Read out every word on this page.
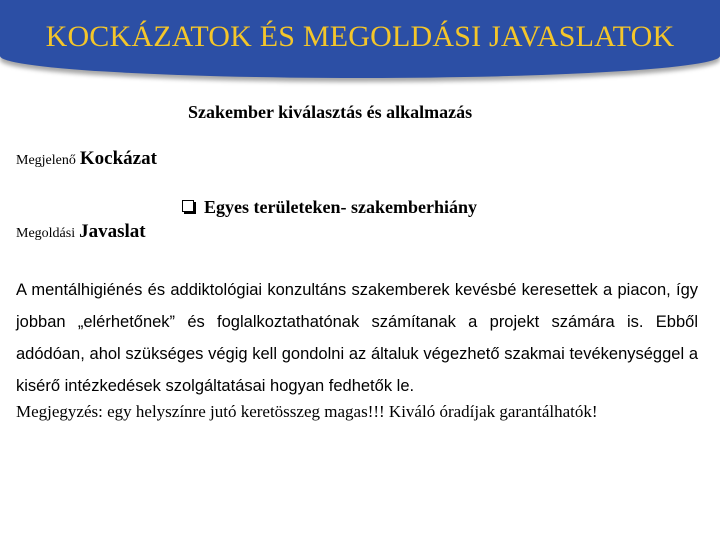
KOCKÁZATOK ÉS MEGOLDÁSI JAVASLATOK
Szakember kiválasztás és alkalmazás
Megjelenő Kockázat
Egyes területeken- szakemberhiány
Megoldási Javaslat
A mentálhigiénés és addiktológiai konzultáns szakemberek kevésbé keresettek a piacon, így jobban „elérhetőnek” és foglalkoztathatónak számítanak a projekt számára is. Ebből adódóan, ahol szükséges végig kell gondolni az általuk végezhető szakmai tevékenységgel a kisérő intézkedések szolgáltatásai hogyan fedhetők le.
Megjegyzés: egy helyszínre jutó keretösszeg magas!!! Kiváló óradíjak garantálhatók!
